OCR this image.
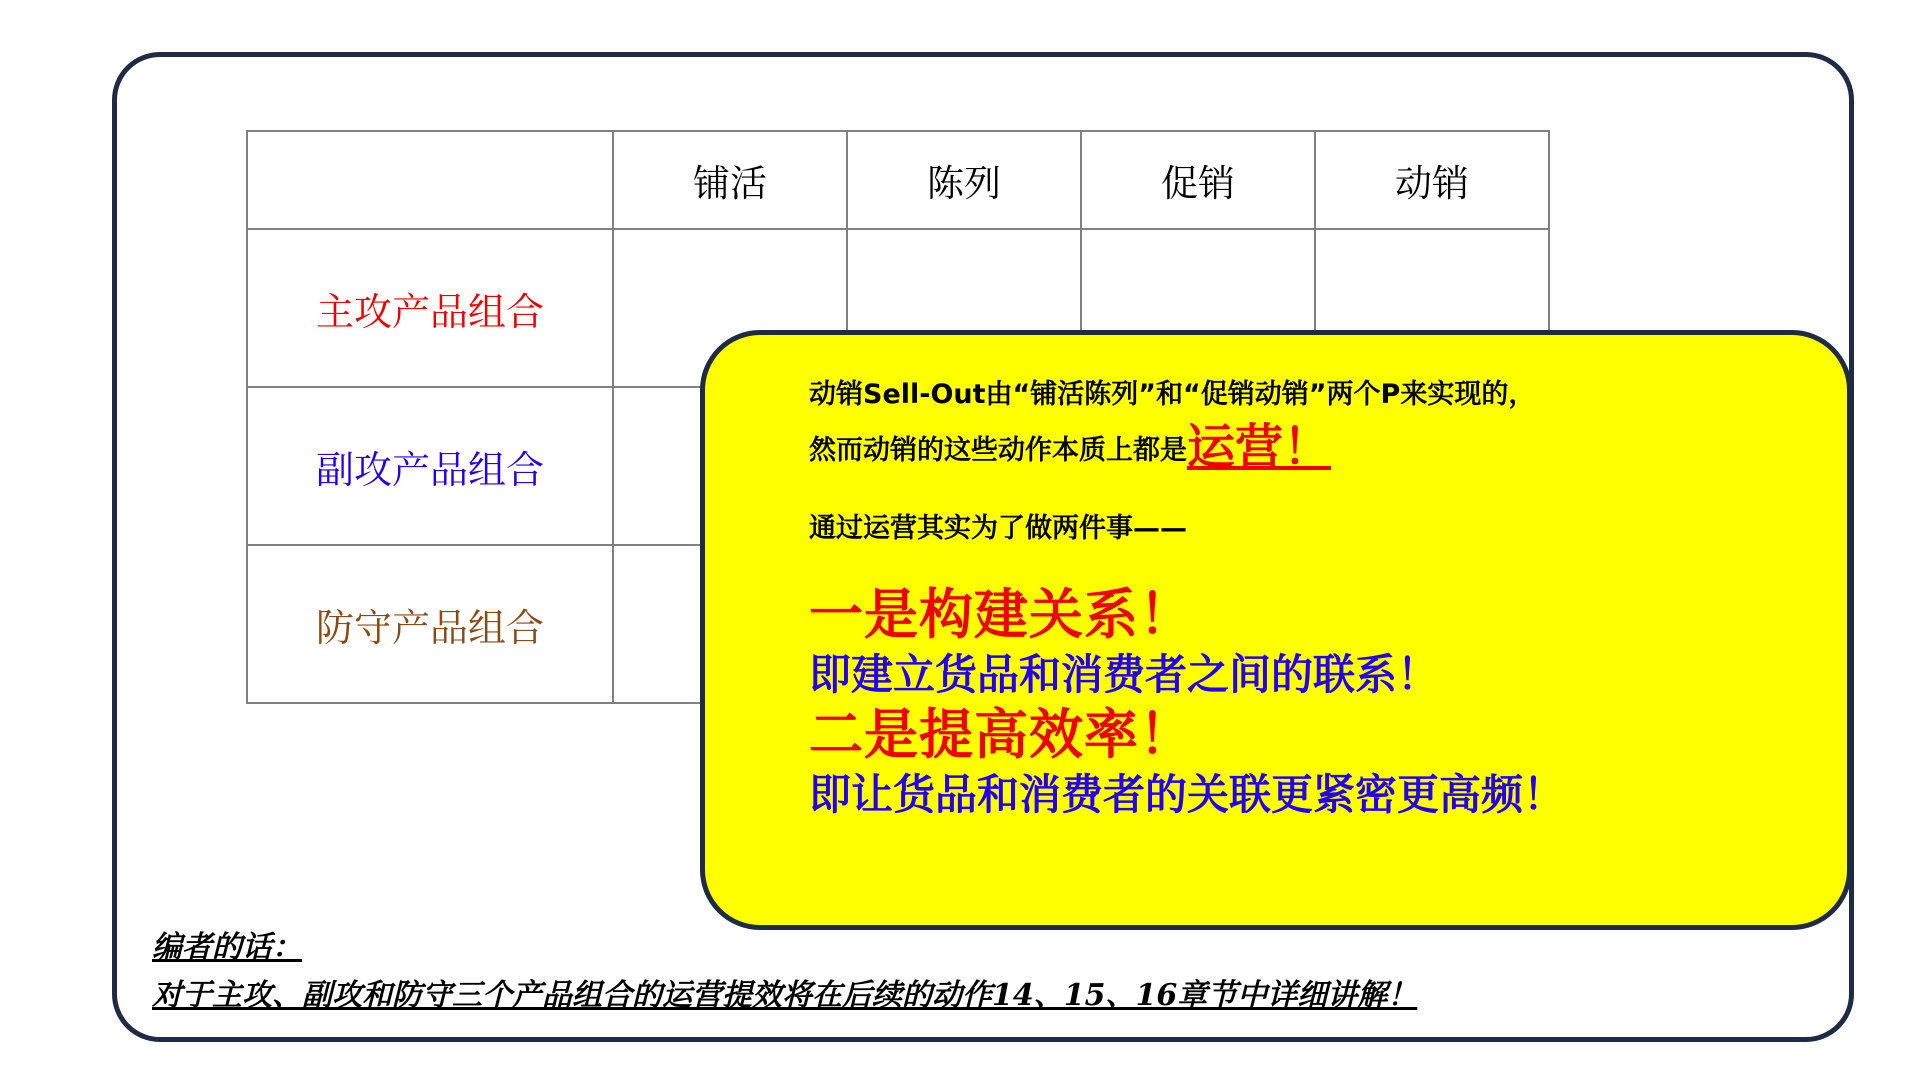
	铺活	陈列	促销	动销
主攻产品组合				
副攻产品组合				
防守产品组合				
动销Sell-Out由“铺活陈列”和“促销动销”两个P来实现的，
然而动销的这些动作本质上都是运营！
通过运营其实为了做两件事——
一是构建关系！
即建立货品和消费者之间的联系！
二是提高效率！
即让货品和消费者的关联更紧密更高频！
编者的话：
对于主攻、副攻和防守三个产品组合的运营提效将在后续的动作14、15、16章节中详细讲解！
